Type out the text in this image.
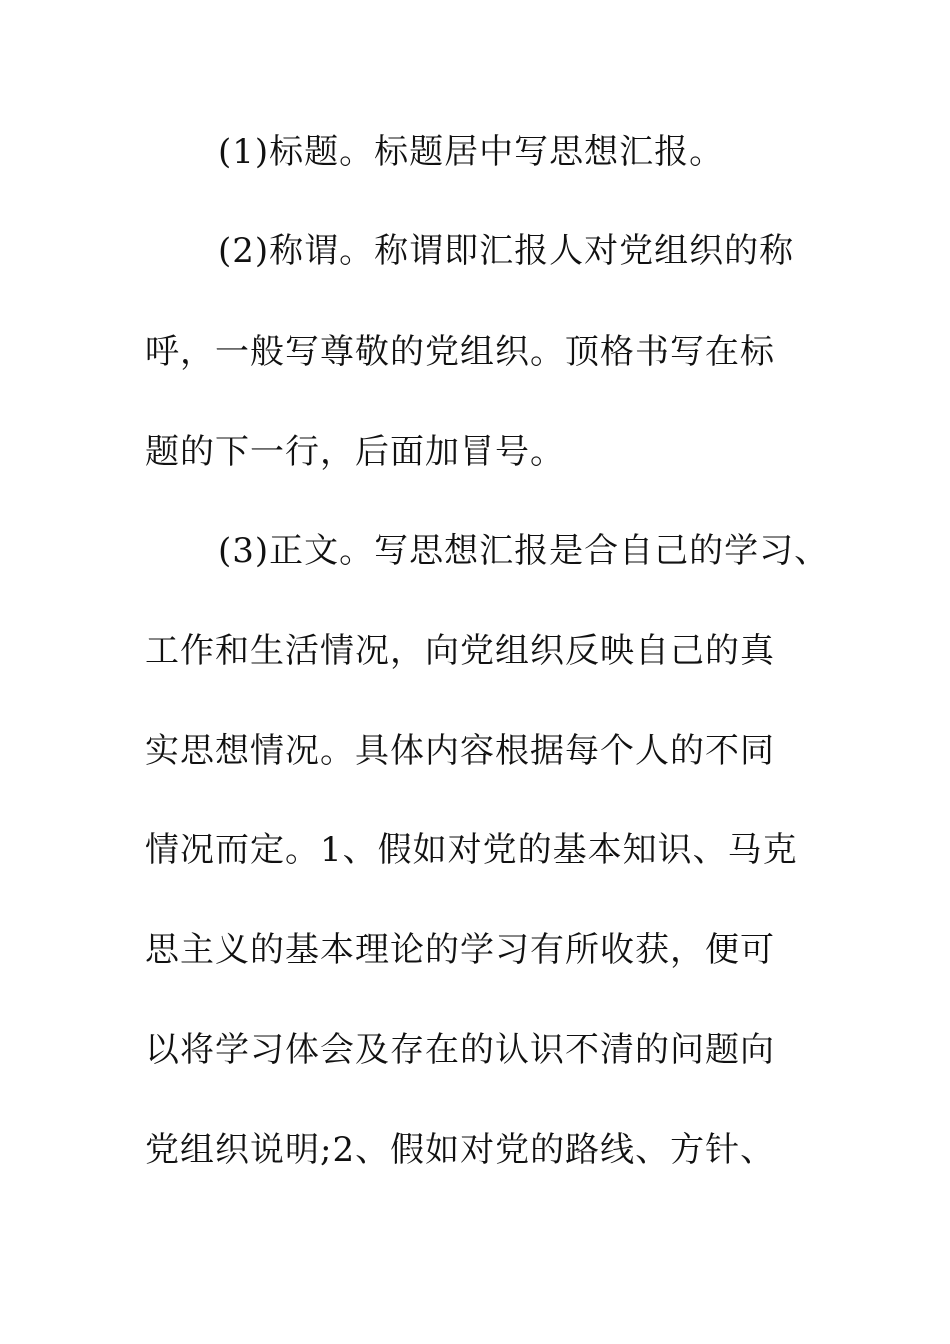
(1)标题。标题居中写思想汇报。
(2)称谓。称谓即汇报人对党组织的称
呼，一般写尊敬的党组织。顶格书写在标
题的下一行，后面加冒号。
(3)正文。写思想汇报是合自己的学习、
工作和生活情况，向党组织反映自己的真
实思想情况。具体内容根据每个人的不同
情况而定。1、假如对党的基本知识、马克
思主义的基本理论的学习有所收获，便可
以将学习体会及存在的认识不清的问题向
党组织说明;2、假如对党的路线、方针、
